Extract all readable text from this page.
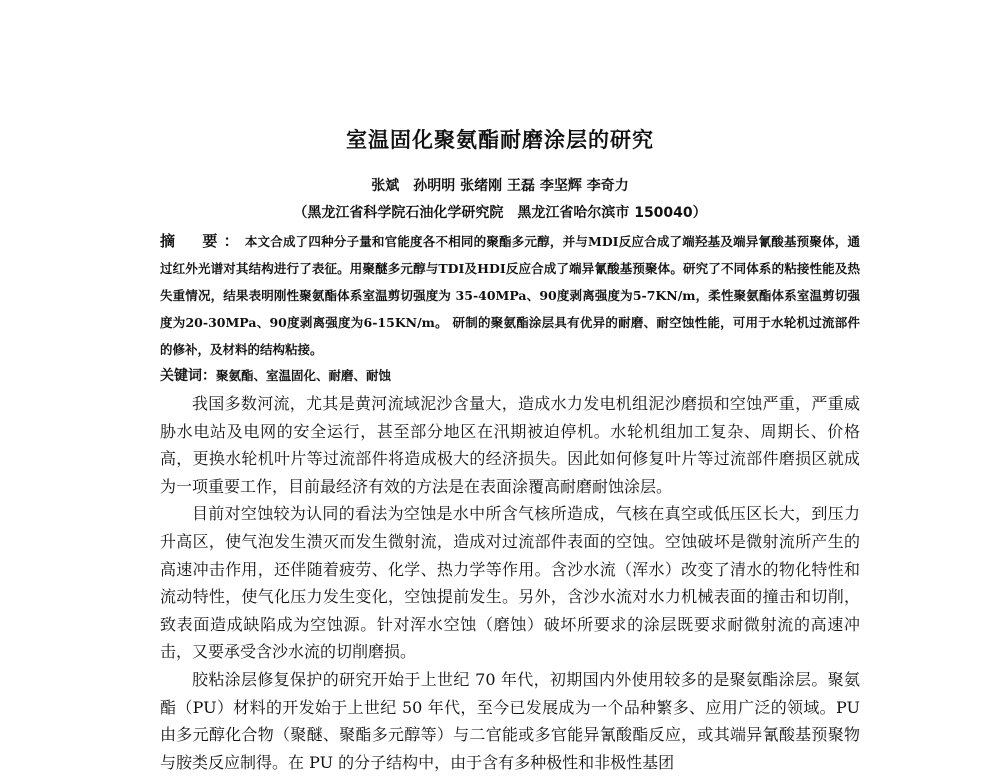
室温固化聚氨酯耐磨涂层的研究
张斌　孙明明 张绪刚 王磊 李坚辉 李奇力
（黑龙江省科学院石油化学研究院　黑龙江省哈尔滨市 150040）
摘　要：本文合成了四种分子量和官能度各不相同的聚酯多元醇，并与MDI反应合成了端羟基及端异氰酸基预聚体，通过红外光谱对其结构进行了表征。用聚醚多元醇与TDI及HDI反应合成了端异氰酸基预聚体。研究了不同体系的粘接性能及热失重情况，结果表明刚性聚氨酯体系室温剪切强度为 35-40MPa、90度剥离强度为5-7KN/m，柔性聚氨酯体系室温剪切强度为20-30MPa、90度剥离强度为6-15KN/m。 研制的聚氨酯涂层具有优异的耐磨、耐空蚀性能，可用于水轮机过流部件的修补，及材料的结构粘接。
关键词：聚氨酯、室温固化、耐磨、耐蚀

我国多数河流，尤其是黄河流域泥沙含量大，造成水力发电机组泥沙磨损和空蚀严重，严重威胁水电站及电网的安全运行，甚至部分地区在汛期被迫停机。水轮机组加工复杂、周期长、价格高，更换水轮机叶片等过流部件将造成极大的经济损失。因此如何修复叶片等过流部件磨损区就成为一项重要工作，目前最经济有效的方法是在表面涂覆高耐磨耐蚀涂层。

目前对空蚀较为认同的看法为空蚀是水中所含气核所造成，气核在真空或低压区长大，到压力升高区，使气泡发生溃灭而发生微射流，造成对过流部件表面的空蚀。空蚀破坏是微射流所产生的高速冲击作用，还伴随着疲劳、化学、热力学等作用。含沙水流（浑水）改变了清水的物化特性和流动特性，使气化压力发生变化，空蚀提前发生。另外，含沙水流对水力机械表面的撞击和切削，致表面造成缺陷成为空蚀源。针对浑水空蚀（磨蚀）破坏所要求的涂层既要求耐微射流的高速冲击，又要承受含沙水流的切削磨损。

胶粘涂层修复保护的研究开始于上世纪 70 年代，初期国内外使用较多的是聚氨酯涂层。聚氨酯（PU）材料的开发始于上世纪 50 年代，至今已发展成为一个品种繁多、应用广泛的领域。PU 由多元醇化合物（聚醚、聚酯多元醇等）与二官能或多官能异氰酸酯反应，或其端异氰酸基预聚物与胺类反应制得。在 PU 的分子结构中，由于含有多种极性和非极性基团
